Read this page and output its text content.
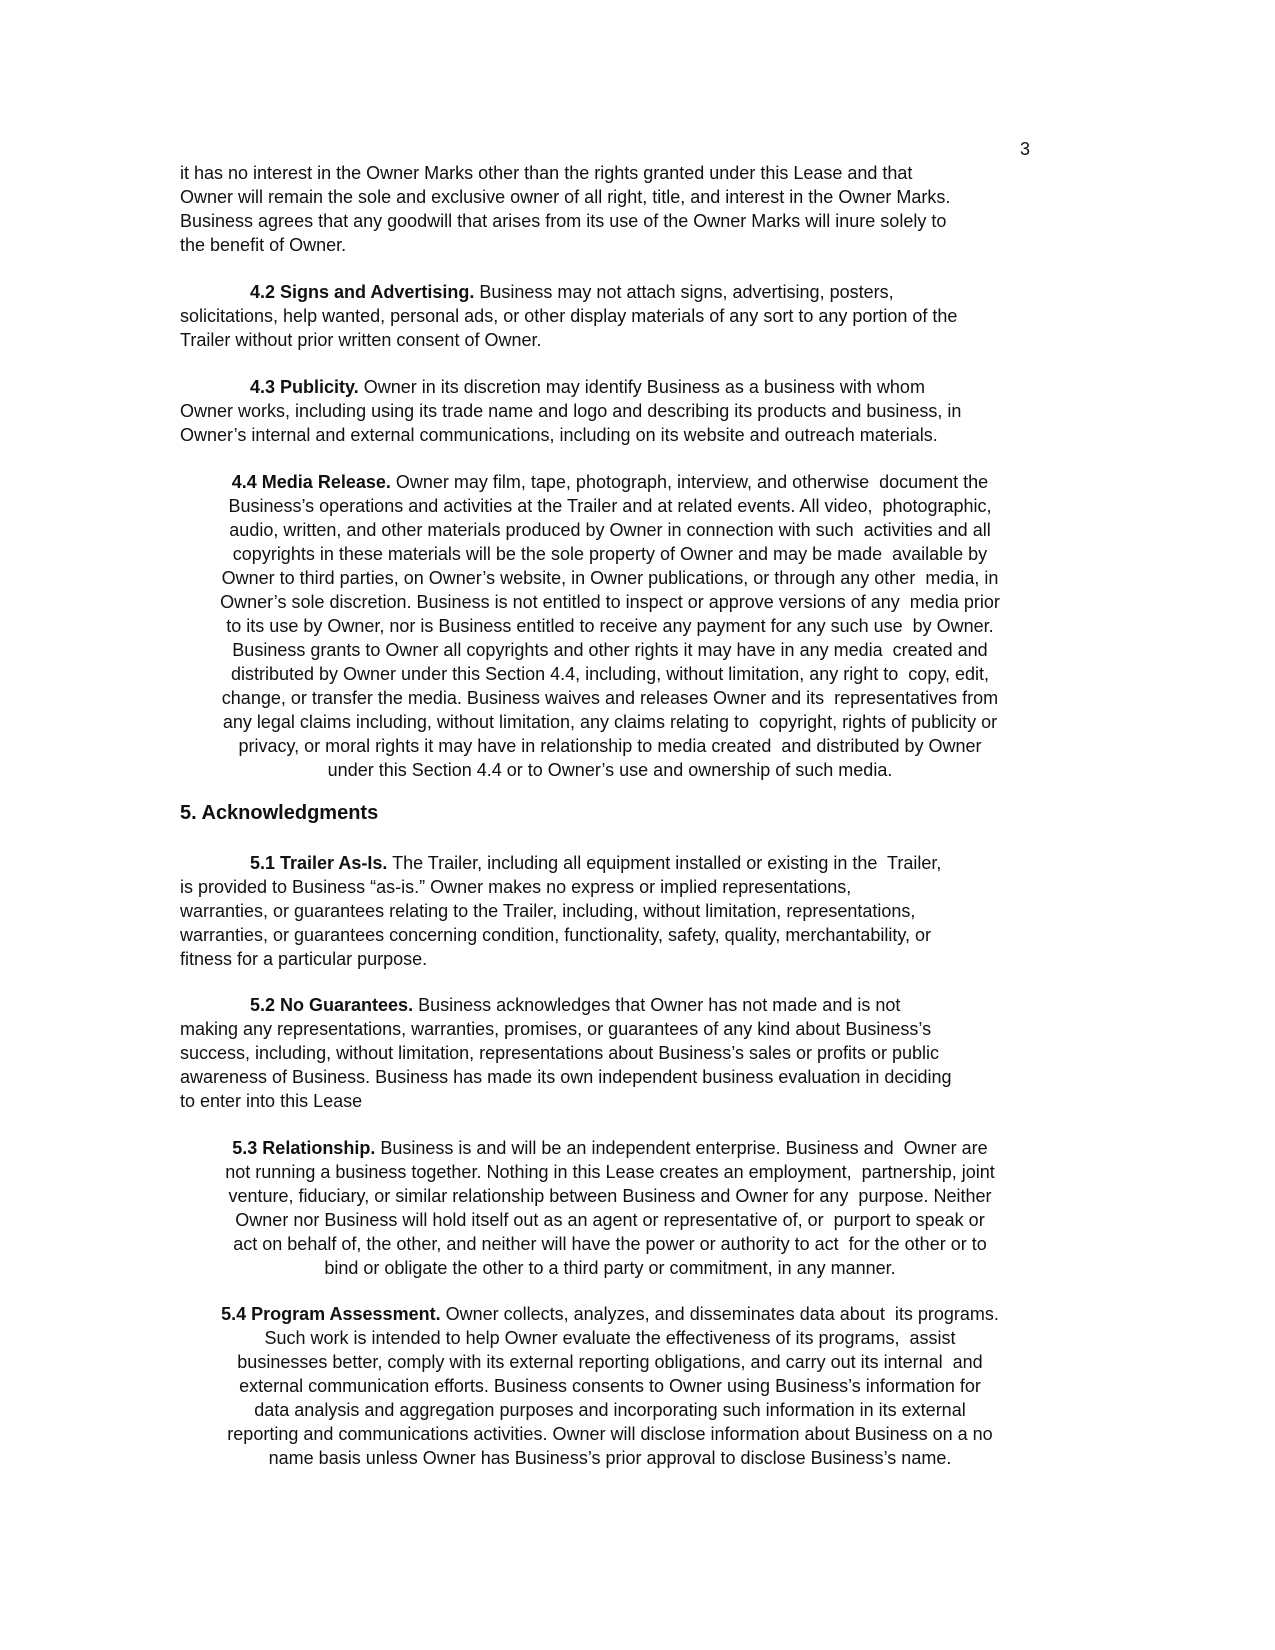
3
5. Acknowledgments
it has no interest in the Owner Marks other than the rights granted under this Lease and that
Owner will remain the sole and exclusive owner of all right, title, and interest in the Owner Marks.
Business agrees that any goodwill that arises from its use of the Owner Marks will inure solely to
the benefit of Owner.
4.2 Signs and Advertising. Business may not attach signs, advertising, posters,
solicitations, help wanted, personal ads, or other display materials of any sort to any portion of the
Trailer without prior written consent of Owner.
4.3 Publicity. Owner in its discretion may identify Business as a business with whom
Owner works, including using its trade name and logo and describing its products and business, in
Owner’s internal and external communications, including on its website and outreach materials.
4.4 Media Release. Owner may film, tape, photograph, interview, and otherwise  document the
Business’s operations and activities at the Trailer and at related events. All video,  photographic,
audio, written, and other materials produced by Owner in connection with such  activities and all
copyrights in these materials will be the sole property of Owner and may be made  available by
Owner to third parties, on Owner’s website, in Owner publications, or through any other  media, in
Owner’s sole discretion. Business is not entitled to inspect or approve versions of any  media prior
to its use by Owner, nor is Business entitled to receive any payment for any such use  by Owner.
Business grants to Owner all copyrights and other rights it may have in any media  created and
distributed by Owner under this Section 4.4, including, without limitation, any right to  copy, edit,
change, or transfer the media. Business waives and releases Owner and its  representatives from
any legal claims including, without limitation, any claims relating to  copyright, rights of publicity or
privacy, or moral rights it may have in relationship to media created  and distributed by Owner
under this Section 4.4 or to Owner’s use and ownership of such media.
5.1 Trailer As-Is. The Trailer, including all equipment installed or existing in the  Trailer,
is provided to Business “as-is.” Owner makes no express or implied representations,
warranties, or guarantees relating to the Trailer, including, without limitation, representations,
warranties, or guarantees concerning condition, functionality, safety, quality, merchantability, or
fitness for a particular purpose.
5.2 No Guarantees. Business acknowledges that Owner has not made and is not
making any representations, warranties, promises, or guarantees of any kind about Business’s
success, including, without limitation, representations about Business’s sales or profits or public
awareness of Business. Business has made its own independent business evaluation in deciding
to enter into this Lease
5.3 Relationship. Business is and will be an independent enterprise. Business and  Owner are
not running a business together. Nothing in this Lease creates an employment,  partnership, joint
venture, fiduciary, or similar relationship between Business and Owner for any  purpose. Neither
Owner nor Business will hold itself out as an agent or representative of, or  purport to speak or
act on behalf of, the other, and neither will have the power or authority to act  for the other or to
bind or obligate the other to a third party or commitment, in any manner.
5.4 Program Assessment. Owner collects, analyzes, and disseminates data about  its programs.
Such work is intended to help Owner evaluate the effectiveness of its programs,  assist
businesses better, comply with its external reporting obligations, and carry out its internal  and
external communication efforts. Business consents to Owner using Business’s information for
data analysis and aggregation purposes and incorporating such information in its external
reporting and communications activities. Owner will disclose information about Business on a no
name basis unless Owner has Business’s prior approval to disclose Business’s name.
